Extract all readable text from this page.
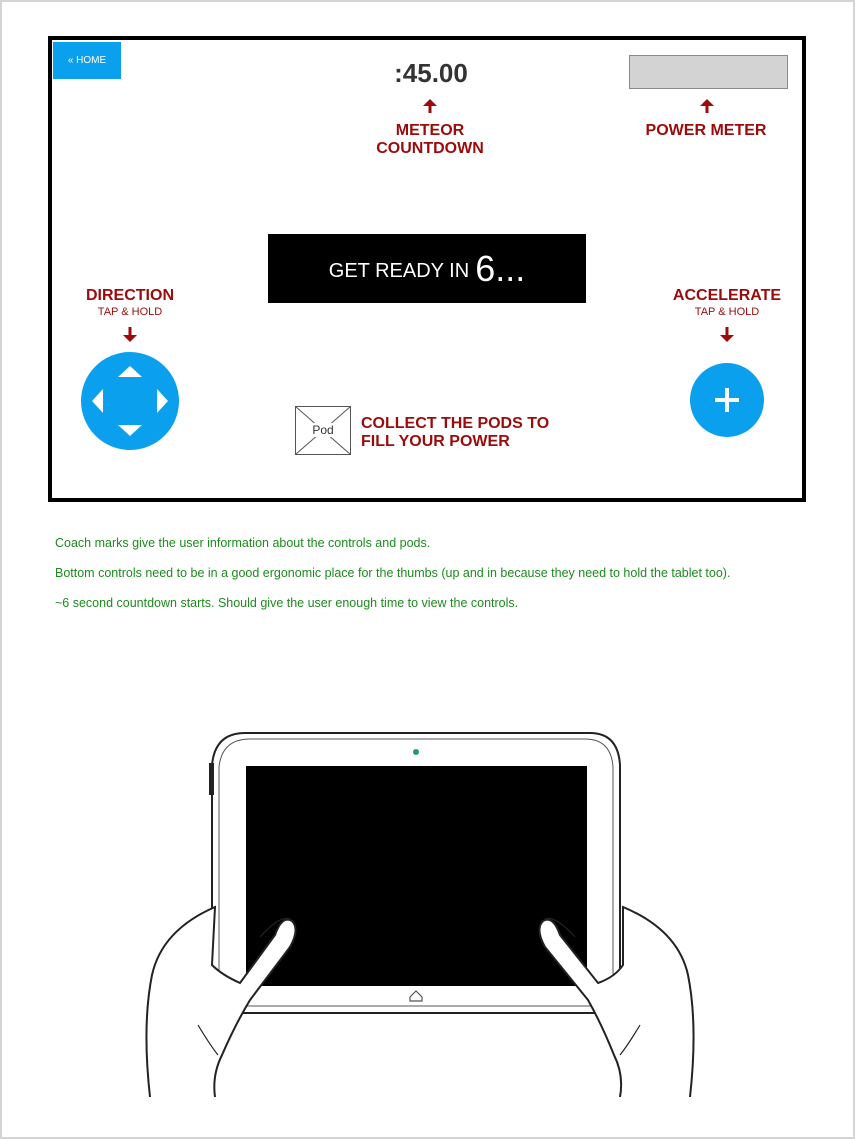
« HOME	:45.00
METEOR
COUNTDOWN
POWER METER
GET READY IN 6...
DIRECTION
TAP & HOLD
ACCELERATE
TAP & HOLD
Pod	COLLECT THE PODS TO
FILL YOUR POWER

Coach marks give the user information about the controls and pods.

Bottom controls need to be in a good ergonomic place for the thumbs (up and in because they need to hold the tablet too).

~6 second countdown starts. Should give the user enough time to view the controls.
